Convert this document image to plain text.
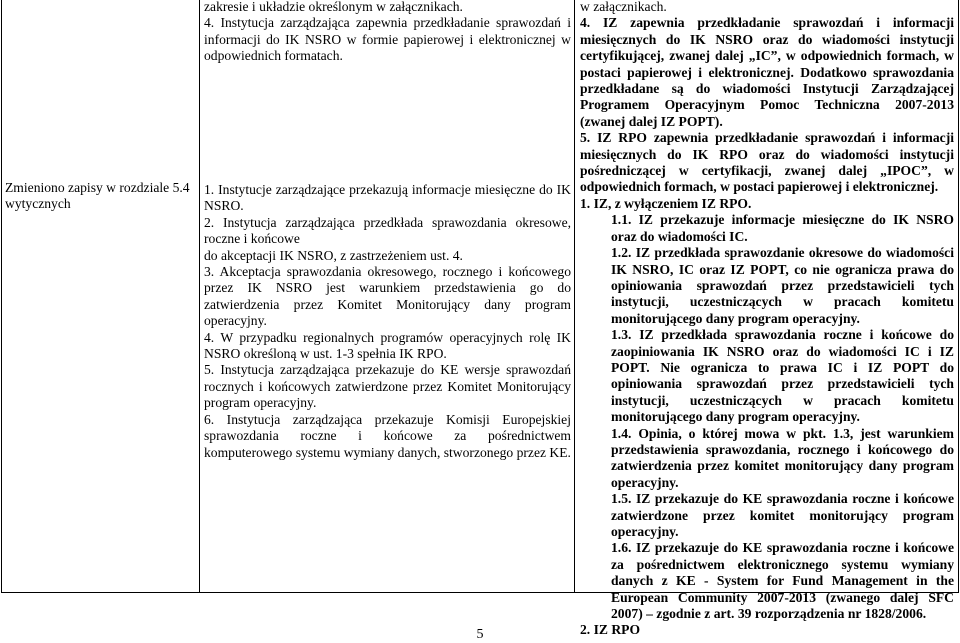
Zmieniono zapisy w rozdziale 5.4 wytycznych

zakresie i układzie określonym w załącznikach.

4. Instytucja zarządzająca zapewnia przedkładanie sprawozdań i informacji do IK NSRO w formie papierowej i elektronicznej w odpowiednich formatach.

1. Instytucje zarządzające przekazują informacje miesięczne do IK NSRO.

2. Instytucja zarządzająca przedkłada sprawozdania okresowe, roczne i końcowe

do akceptacji IK NSRO, z zastrzeżeniem ust. 4.

3. Akceptacja sprawozdania okresowego, rocznego i końcowego przez IK NSRO jest warunkiem przedstawienia go do zatwierdzenia przez Komitet Monitorujący dany program operacyjny.

4. W przypadku regionalnych programów operacyjnych rolę IK NSRO określoną w ust. 1-3 spełnia IK RPO.

5. Instytucja zarządzająca przekazuje do KE wersje sprawozdań rocznych i końcowych zatwierdzone przez Komitet Monitorujący program operacyjny.

6. Instytucja zarządzająca przekazuje Komisji Europejskiej sprawozdania roczne i końcowe za pośrednictwem komputerowego systemu wymiany danych, stworzonego przez KE.

w załącznikach.

4. IZ zapewnia przedkładanie sprawozdań i informacji miesięcznych do IK NSRO oraz do wiadomości instytucji certyfikującej, zwanej dalej „IC”, w odpowiednich formach, w postaci papierowej i elektronicznej. Dodatkowo sprawozdania przedkładane są do wiadomości Instytucji Zarządzającej Programem Operacyjnym Pomoc Techniczna 2007-2013 (zwanej dalej IZ POPT).

5. IZ RPO zapewnia przedkładanie sprawozdań i informacji miesięcznych do IK RPO oraz do wiadomości instytucji pośredniczącej w certyfikacji, zwanej dalej „IPOC”, w odpowiednich formach, w postaci papierowej i elektronicznej.

1. IZ, z wyłączeniem IZ RPO.

1.1. IZ przekazuje informacje miesięczne do IK NSRO oraz do wiadomości IC.

1.2. IZ przedkłada sprawozdanie okresowe do wiadomości IK NSRO, IC oraz IZ POPT, co nie ogranicza prawa do opiniowania sprawozdań przez przedstawicieli tych instytucji, uczestniczących w pracach komitetu monitorującego dany program operacyjny.

1.3. IZ przedkłada sprawozdania roczne i końcowe do zaopiniowania IK NSRO oraz do wiadomości IC i IZ POPT. Nie ogranicza to prawa IC i IZ POPT do opiniowania sprawozdań przez przedstawicieli tych instytucji, uczestniczących w pracach komitetu monitorującego dany program operacyjny.

1.4. Opinia, o której mowa w pkt. 1.3, jest warunkiem przedstawienia sprawozdania, rocznego i końcowego do zatwierdzenia przez komitet monitorujący dany program operacyjny.

1.5. IZ przekazuje do KE sprawozdania roczne i końcowe zatwierdzone przez komitet monitorujący program operacyjny.

1.6. IZ przekazuje do KE sprawozdania roczne i końcowe za pośrednictwem elektronicznego systemu wymiany danych z KE - System for Fund Management in the European Community 2007-2013 (zwanego dalej SFC 2007) – zgodnie z art. 39 rozporządzenia nr 1828/2006.

2. IZ RPO

5
